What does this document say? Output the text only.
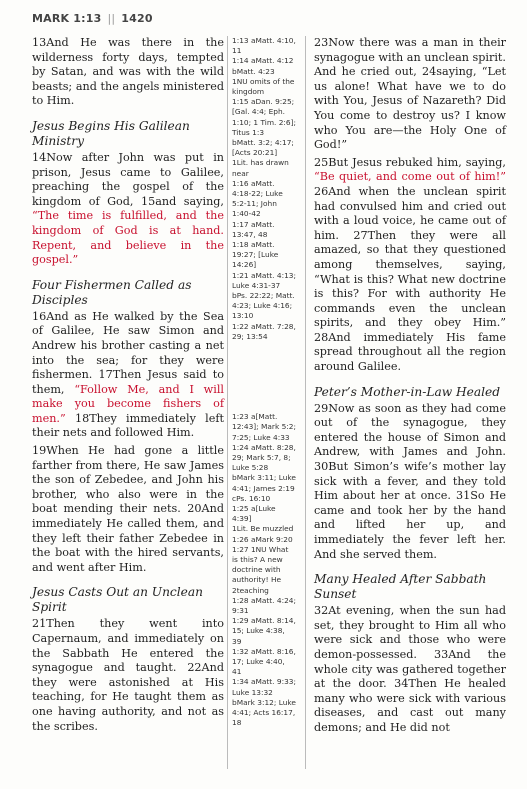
MARK 1:13 || 1420

13And He was there in the wilderness forty days, tempted by Satan, and was with the wild beasts; and the angels ministered to Him.

Jesus Begins His Galilean Ministry

14Now after John was put in prison, Jesus came to Galilee, preaching the gospel of the kingdom of God, 15and saying, “The time is fulfilled, and the kingdom of God is at hand. Repent, and believe in the gospel.”

Four Fishermen Called as Disciples

16And as He walked by the Sea of Galilee, He saw Simon and Andrew his brother casting a net into the sea; for they were fishermen. 17Then Jesus said to them, “Follow Me, and I will make you become fishers of men.” 18They immediately left their nets and followed Him.

19When He had gone a little farther from there, He saw James the son of Zebedee, and John his brother, who also were in the boat mending their nets. 20And immediately He called them, and they left their father Zebedee in the boat with the hired servants, and went after Him.

Jesus Casts Out an Unclean Spirit

21Then they went into Capernaum, and immediately on the Sabbath He entered the synagogue and taught. 22And they were astonished at His teaching, for He taught them as one having authority, and not as the scribes.

1:13 aMatt. 4:10, 11
1:14 aMatt. 4:12 bMatt. 4:23
1NU omits of the kingdom
1:15 aDan. 9:25; [Gal. 4:4; Eph. 1:10; 1 Tim. 2:6]; Titus 1:3
bMatt. 3:2; 4:17; [Acts 20:21]
1Lit. has drawn near
1:16 aMatt. 4:18-22; Luke 5:2-11; John 1:40-42
1:17 aMatt. 13:47, 48
1:18 aMatt. 19:27; [Luke 14:26]
1:21 aMatt. 4:13; Luke 4:31-37
bPs. 22:22; Matt. 4:23; Luke 4:16; 13:10
1:22 aMatt. 7:28, 29; 13:54
1:23 a[Matt. 12:43]; Mark 5:2; 7:25; Luke 4:33
1:24 aMatt. 8:28, 29; Mark 5:7, 8; Luke 5:28
bMark 3:11; Luke 4:41; James 2:19
cPs. 16:10
1:25 a[Luke 4:39]
1Lit. Be muzzled
1:26 aMark 9:20
1:27 1NU What is this? A new doctrine with authority! He
2teaching
1:28 aMatt. 4:24; 9:31
1:29 aMatt. 8:14, 15; Luke 4:38, 39
1:32 aMatt. 8:16, 17; Luke 4:40, 41
1:34 aMatt. 9:33; Luke 13:32
bMark 3:12; Luke 4:41; Acts 16:17, 18

23Now there was a man in their synagogue with an unclean spirit. And he cried out, 24saying, “Let us alone! What have we to do with You, Jesus of Nazareth? Did You come to destroy us? I know who You are—the Holy One of God!”

25But Jesus rebuked him, saying, “Be quiet, and come out of him!” 26And when the unclean spirit had convulsed him and cried out with a loud voice, he came out of him. 27Then they were all amazed, so that they questioned among themselves, saying, “What is this? What new doctrine is this? For with authority He commands even the unclean spirits, and they obey Him.” 28And immediately His fame spread throughout all the region around Galilee.

Peter’s Mother-in-Law Healed

29Now as soon as they had come out of the synagogue, they entered the house of Simon and Andrew, with James and John. 30But Simon’s wife’s mother lay sick with a fever, and they told Him about her at once. 31So He came and took her by the hand and lifted her up, and immediately the fever left her. And she served them.

Many Healed After Sabbath Sunset

32At evening, when the sun had set, they brought to Him all who were sick and those who were demon-possessed. 33And the whole city was gathered together at the door. 34Then He healed many who were sick with various diseases, and cast out many demons; and He did not
